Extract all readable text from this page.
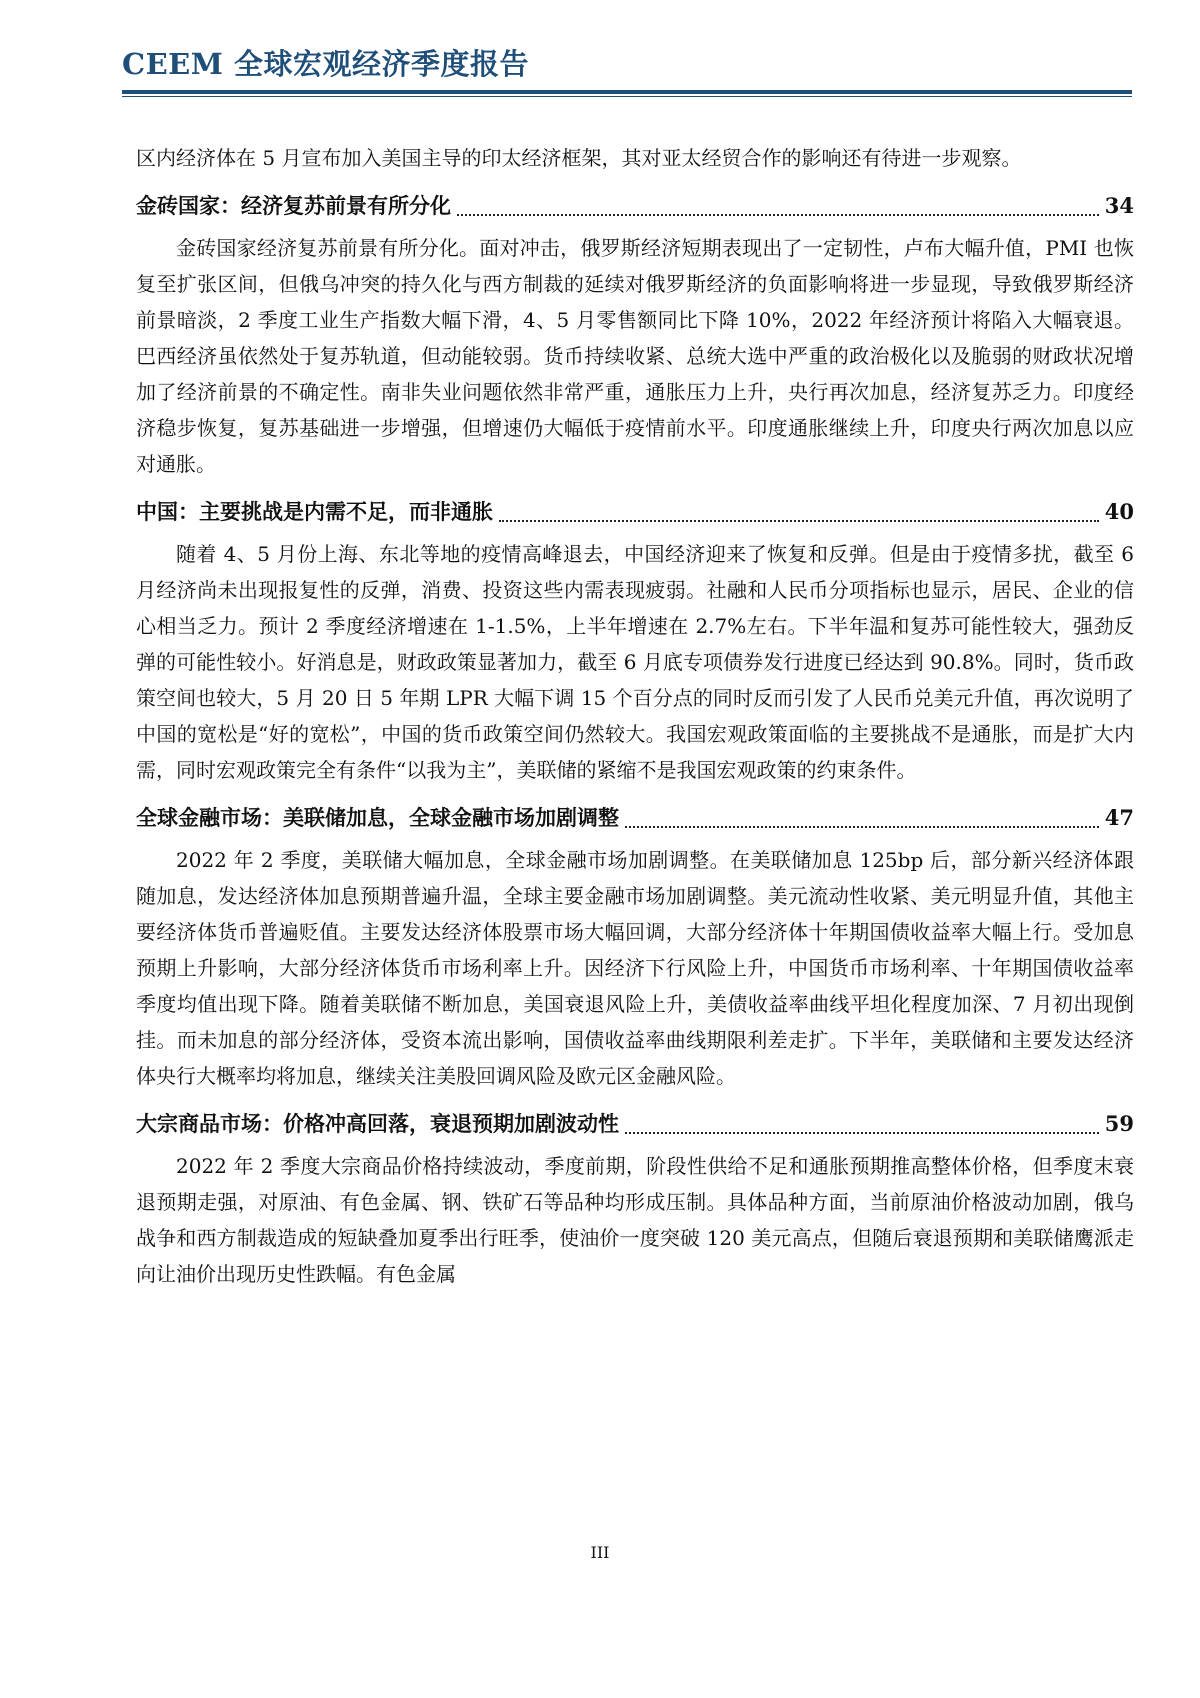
CEEM 全球宏观经济季度报告

区内经济体在 5 月宣布加入美国主导的印太经济框架，其对亚太经贸合作的影响还有待进一步观察。

金砖国家：经济复苏前景有所分化	34

金砖国家经济复苏前景有所分化。面对冲击，俄罗斯经济短期表现出了一定韧性，卢布大幅升值，PMI 也恢复至扩张区间，但俄乌冲突的持久化与西方制裁的延续对俄罗斯经济的负面影响将进一步显现，导致俄罗斯经济前景暗淡，2 季度工业生产指数大幅下滑，4、5 月零售额同比下降 10%，2022 年经济预计将陷入大幅衰退。巴西经济虽依然处于复苏轨道，但动能较弱。货币持续收紧、总统大选中严重的政治极化以及脆弱的财政状况增加了经济前景的不确定性。南非失业问题依然非常严重，通胀压力上升，央行再次加息，经济复苏乏力。印度经济稳步恢复，复苏基础进一步增强，但增速仍大幅低于疫情前水平。印度通胀继续上升，印度央行两次加息以应对通胀。

中国：主要挑战是内需不足，而非通胀	40

随着 4、5 月份上海、东北等地的疫情高峰退去，中国经济迎来了恢复和反弹。但是由于疫情多扰，截至 6 月经济尚未出现报复性的反弹，消费、投资这些内需表现疲弱。社融和人民币分项指标也显示，居民、企业的信心相当乏力。预计 2 季度经济增速在 1-1.5%，上半年增速在 2.7%左右。下半年温和复苏可能性较大，强劲反弹的可能性较小。好消息是，财政政策显著加力，截至 6 月底专项债券发行进度已经达到 90.8%。同时，货币政策空间也较大，5 月 20 日 5 年期 LPR 大幅下调 15 个百分点的同时反而引发了人民币兑美元升值，再次说明了中国的宽松是“好的宽松”，中国的货币政策空间仍然较大。我国宏观政策面临的主要挑战不是通胀，而是扩大内需，同时宏观政策完全有条件“以我为主”，美联储的紧缩不是我国宏观政策的约束条件。

全球金融市场：美联储加息，全球金融市场加剧调整	47

2022 年 2 季度，美联储大幅加息，全球金融市场加剧调整。在美联储加息 125bp 后，部分新兴经济体跟随加息，发达经济体加息预期普遍升温，全球主要金融市场加剧调整。美元流动性收紧、美元明显升值，其他主要经济体货币普遍贬值。主要发达经济体股票市场大幅回调，大部分经济体十年期国债收益率大幅上行。受加息预期上升影响，大部分经济体货币市场利率上升。因经济下行风险上升，中国货币市场利率、十年期国债收益率季度均值出现下降。随着美联储不断加息，美国衰退风险上升，美债收益率曲线平坦化程度加深、7 月初出现倒挂。而未加息的部分经济体，受资本流出影响，国债收益率曲线期限利差走扩。下半年，美联储和主要发达经济体央行大概率均将加息，继续关注美股回调风险及欧元区金融风险。

大宗商品市场：价格冲高回落，衰退预期加剧波动性	59

2022 年 2 季度大宗商品价格持续波动，季度前期，阶段性供给不足和通胀预期推高整体价格，但季度末衰退预期走强，对原油、有色金属、钢、铁矿石等品种均形成压制。具体品种方面，当前原油价格波动加剧，俄乌战争和西方制裁造成的短缺叠加夏季出行旺季，使油价一度突破 120 美元高点，但随后衰退预期和美联储鹰派走向让油价出现历史性跌幅。有色金属

III
